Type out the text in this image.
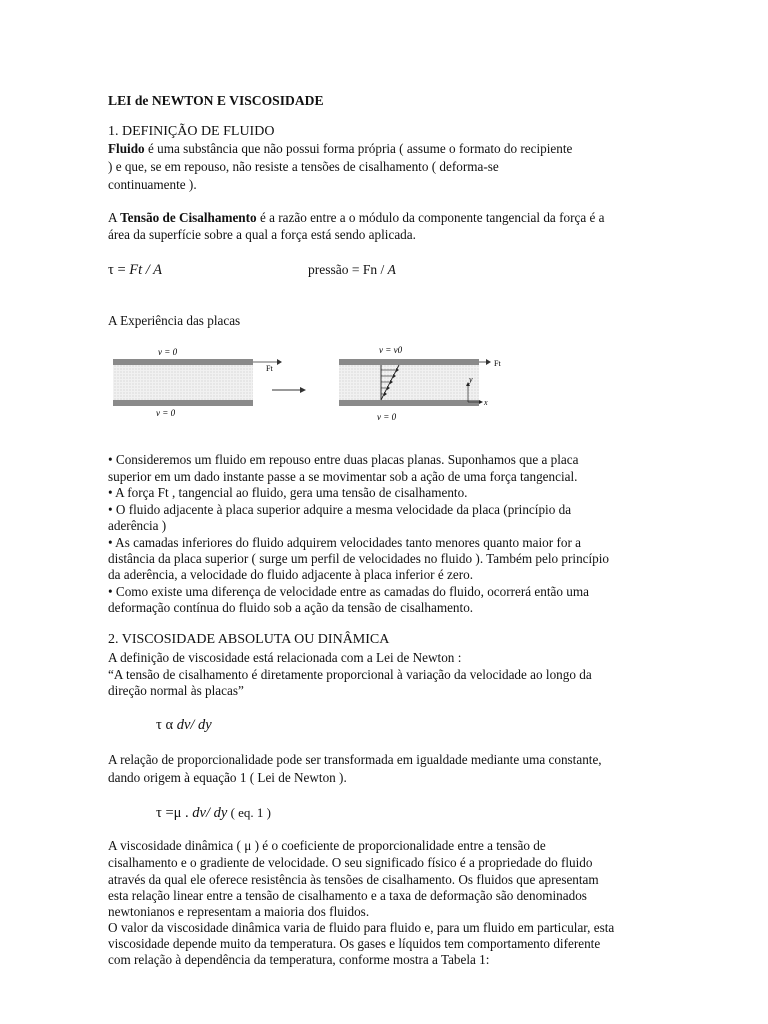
LEI de NEWTON E VISCOSIDADE
1. DEFINIÇÃO DE FLUIDO
Fluido é uma substância que não possui forma própria ( assume o formato do recipiente
) e que, se em repouso, não resiste a tensões de cisalhamento ( deforma-se
continuamente ).
A Tensão de Cisalhamento é a razão entre a o módulo da componente tangencial da força é a
área da superfície sobre a qual a força está sendo aplicada.
τ = Ft / A	pressão = Fn / A
A Experiência das placas
v = 0
v = 0
Ft
v = v0
v = 0
Ft
y
x
• Consideremos um fluido em repouso entre duas placas planas. Suponhamos que a placa
superior em um dado instante passe a se movimentar sob a ação de uma força tangencial.
• A força Ft , tangencial ao fluido, gera uma tensão de cisalhamento.
• O fluido adjacente à placa superior adquire a mesma velocidade da placa (princípio da
aderência )
• As camadas inferiores do fluido adquirem velocidades tanto menores quanto maior for a
distância da placa superior ( surge um perfil de velocidades no fluido ). Também pelo princípio
da aderência, a velocidade do fluido adjacente à placa inferior é zero.
• Como existe uma diferença de velocidade entre as camadas do fluido, ocorrerá então uma
deformação contínua do fluido sob a ação da tensão de cisalhamento.
2. VISCOSIDADE ABSOLUTA OU DINÂMICA
A definição de viscosidade está relacionada com a Lei de Newton :
“A tensão de cisalhamento é diretamente proporcional à variação da velocidade ao longo da
direção normal às placas”
τ α dv/ dy
A relação de proporcionalidade pode ser transformada em igualdade mediante uma constante,
dando origem à equação 1 ( Lei de Newton ).
τ =μ . dv/ dy ( eq. 1 )
A viscosidade dinâmica ( μ ) é o coeficiente de proporcionalidade entre a tensão de
cisalhamento e o gradiente de velocidade. O seu significado físico é a propriedade do fluido
através da qual ele oferece resistência às tensões de cisalhamento. Os fluidos que apresentam
esta relação linear entre a tensão de cisalhamento e a taxa de deformação são denominados
newtonianos e representam a maioria dos fluidos.
O valor da viscosidade dinâmica varia de fluido para fluido e, para um fluido em particular, esta
viscosidade depende muito da temperatura. Os gases e líquidos tem comportamento diferente
com relação à dependência da temperatura, conforme mostra a Tabela 1:
